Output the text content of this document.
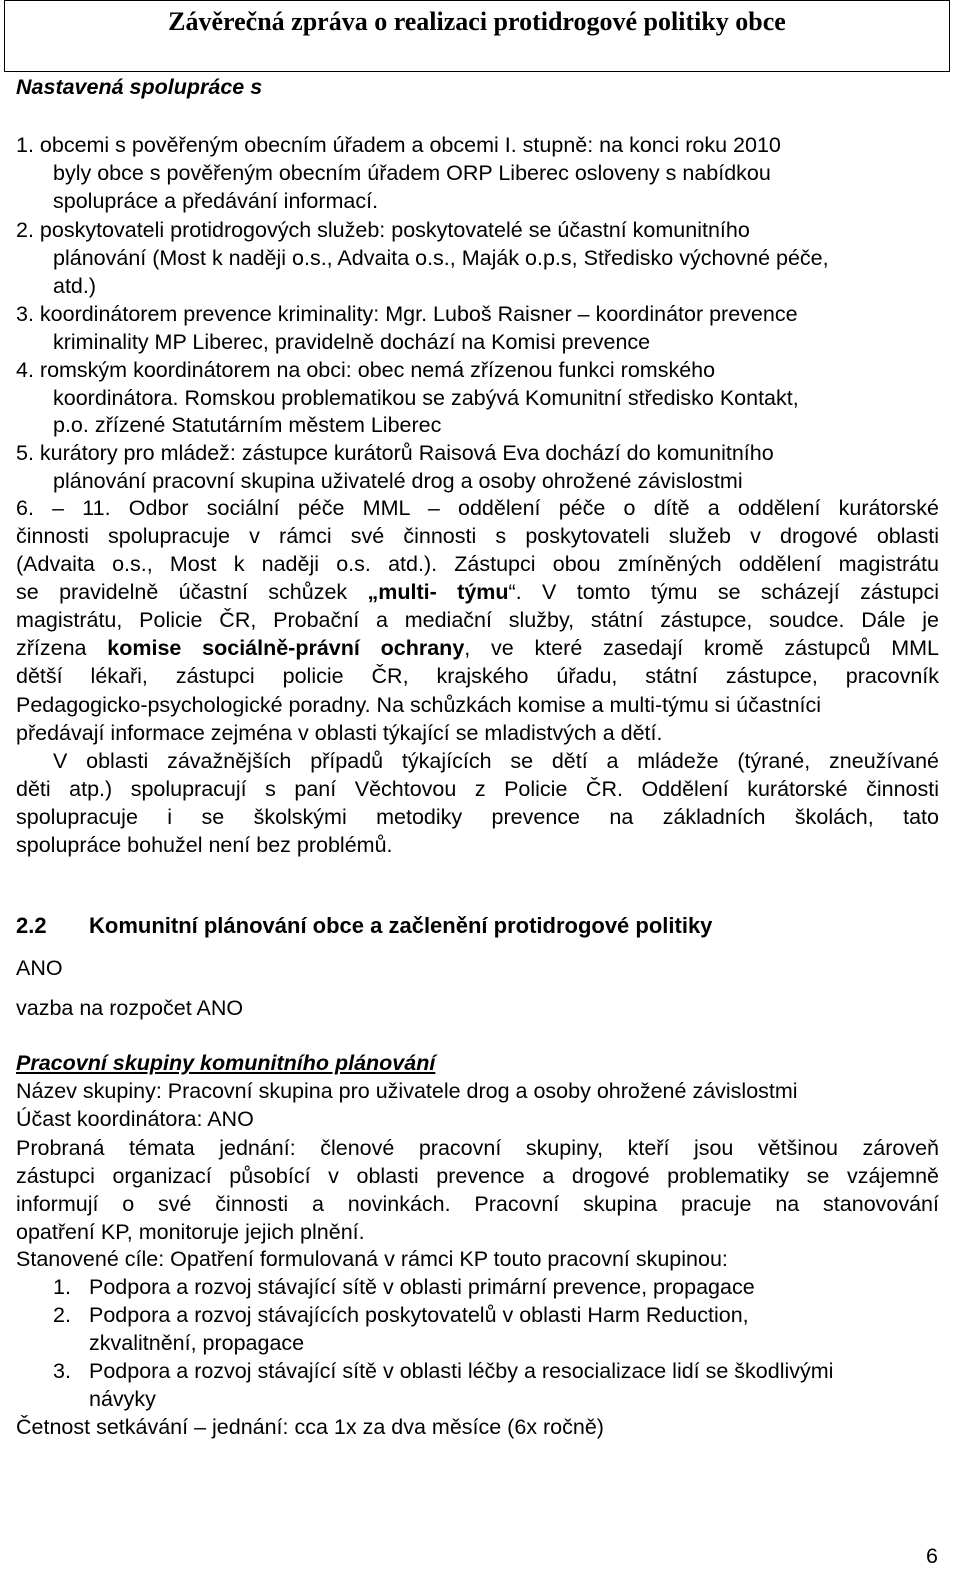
Závěrečná zpráva o realizaci protidrogové politiky obce
Nastavená spolupráce s
1. obcemi s pověřeným obecním úřadem a obcemi I. stupně: na konci roku 2010
byly obce s pověřeným obecním úřadem ORP Liberec osloveny s nabídkou
spolupráce a předávání informací.
2. poskytovateli protidrogových služeb: poskytovatelé se účastní komunitního
plánování (Most k naději o.s., Advaita o.s., Maják o.p.s, Středisko výchovné péče,
atd.)
3. koordinátorem prevence kriminality: Mgr. Luboš Raisner – koordinátor prevence
kriminality MP Liberec, pravidelně dochází na Komisi prevence
4. romským koordinátorem na obci: obec nemá zřízenou funkci romského
koordinátora. Romskou problematikou se zabývá Komunitní středisko Kontakt,
p.o. zřízené Statutárním městem Liberec
5. kurátory pro mládež: zástupce kurátorů Raisová Eva dochází do komunitního
plánování pracovní skupina uživatelé drog a osoby ohrožené závislostmi
6. – 11. Odbor sociální péče MML – oddělení péče o dítě a oddělení kurátorské
činnosti spolupracuje v rámci své činnosti s poskytovateli služeb v drogové oblasti
(Advaita o.s., Most k naději o.s. atd.). Zástupci obou zmíněných oddělení magistrátu
se pravidelně účastní schůzek „multi- týmu“. V tomto týmu se scházejí zástupci
magistrátu, Policie ČR, Probační a mediační služby, státní zástupce, soudce. Dále je
zřízena komise sociálně-právní ochrany, ve které zasedají kromě zástupců MML
dětší lékaři, zástupci policie ČR, krajského úřadu, státní zástupce, pracovník
Pedagogicko-psychologické poradny. Na schůzkách komise a multi-týmu si účastníci
předávají informace zejména v oblasti týkající se mladistvých a dětí.
V oblasti závažnějších případů týkajících se dětí a mládeže (týrané, zneužívané
děti atp.) spolupracují s paní Věchtovou z Policie ČR. Oddělení kurátorské činnosti
spolupracuje i se školskými metodiky prevence na základních školách, tato
spolupráce bohužel není bez problémů.
2.2 Komunitní plánování obce a začlenění protidrogové politiky
ANO
vazba na rozpočet ANO
Pracovní skupiny komunitního plánování
Název skupiny: Pracovní skupina pro uživatele drog a osoby ohrožené závislostmi
Účast koordinátora: ANO
Probraná témata jednání: členové pracovní skupiny, kteří jsou většinou zároveň
zástupci organizací působící v oblasti prevence a drogové problematiky se vzájemně
informují o své činnosti a novinkách. Pracovní skupina pracuje na stanovování
opatření KP, monitoruje jejich plnění.
Stanovené cíle: Opatření formulovaná v rámci KP touto pracovní skupinou:
1. Podpora a rozvoj stávající sítě v oblasti primární prevence, propagace
2. Podpora a rozvoj stávajících poskytovatelů v oblasti Harm Reduction,
zkvalitnění, propagace
3. Podpora a rozvoj stávající sítě v oblasti léčby a resocializace lidí se škodlivými
návyky
Četnost setkávání – jednání: cca 1x za dva měsíce (6x ročně)
6
